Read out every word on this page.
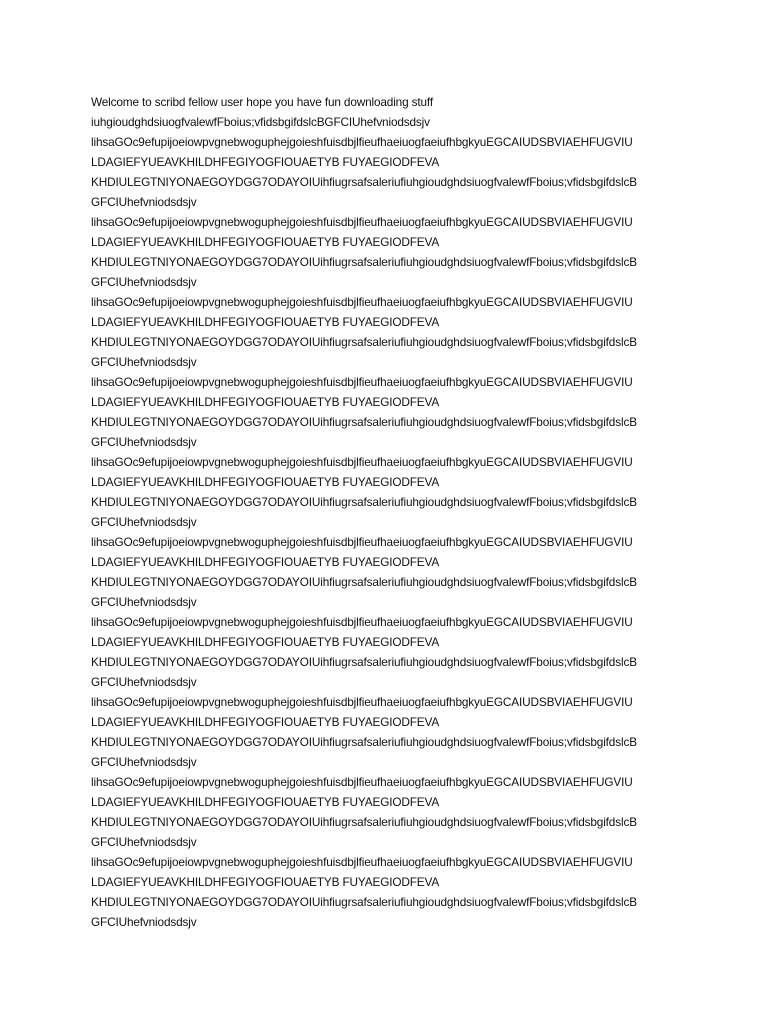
Welcome to scribd fellow user hope you have fun downloading stuff
iuhgioudghdsiuogfvalewfFboius;vfidsbgifdslcBGFCIUhefvniodsdsjv
lihsaGOc9efupijoeiowpvgnebwoguphejgoieshfuisdbjlfieufhaeiuogfaeiufhbgkyuEGCAIUDSBVIAEHFUGVIU
LDAGIEFYUEAVKHILDHFEGIYOGFIOUAETYB FUYAEGIODFEVA
KHDIULEGTNIYONAEGOYDGG7ODAYOIUihfiugrsafsaleriufiuhgioudghdsiuogfvalewfFboius;vfidsbgifdslcB
GFCIUhefvniodsdsjv
lihsaGOc9efupijoeiowpvgnebwoguphejgoieshfuisdbjlfieufhaeiuogfaeiufhbgkyuEGCAIUDSBVIAEHFUGVIU
LDAGIEFYUEAVKHILDHFEGIYOGFIOUAETYB FUYAEGIODFEVA
KHDIULEGTNIYONAEGOYDGG7ODAYOIUihfiugrsafsaleriufiuhgioudghdsiuogfvalewfFboius;vfidsbgifdslcB
GFCIUhefvniodsdsjv
lihsaGOc9efupijoeiowpvgnebwoguphejgoieshfuisdbjlfieufhaeiuogfaeiufhbgkyuEGCAIUDSBVIAEHFUGVIU
LDAGIEFYUEAVKHILDHFEGIYOGFIOUAETYB FUYAEGIODFEVA
KHDIULEGTNIYONAEGOYDGG7ODAYOIUihfiugrsafsaleriufiuhgioudghdsiuogfvalewfFboius;vfidsbgifdslcB
GFCIUhefvniodsdsjv
lihsaGOc9efupijoeiowpvgnebwoguphejgoieshfuisdbjlfieufhaeiuogfaeiufhbgkyuEGCAIUDSBVIAEHFUGVIU
LDAGIEFYUEAVKHILDHFEGIYOGFIOUAETYB FUYAEGIODFEVA
KHDIULEGTNIYONAEGOYDGG7ODAYOIUihfiugrsafsaleriufiuhgioudghdsiuogfvalewfFboius;vfidsbgifdslcB
GFCIUhefvniodsdsjv
lihsaGOc9efupijoeiowpvgnebwoguphejgoieshfuisdbjlfieufhaeiuogfaeiufhbgkyuEGCAIUDSBVIAEHFUGVIU
LDAGIEFYUEAVKHILDHFEGIYOGFIOUAETYB FUYAEGIODFEVA
KHDIULEGTNIYONAEGOYDGG7ODAYOIUihfiugrsafsaleriufiuhgioudghdsiuogfvalewfFboius;vfidsbgifdslcB
GFCIUhefvniodsdsjv
lihsaGOc9efupijoeiowpvgnebwoguphejgoieshfuisdbjlfieufhaeiuogfaeiufhbgkyuEGCAIUDSBVIAEHFUGVIU
LDAGIEFYUEAVKHILDHFEGIYOGFIOUAETYB FUYAEGIODFEVA
KHDIULEGTNIYONAEGOYDGG7ODAYOIUihfiugrsafsaleriufiuhgioudghdsiuogfvalewfFboius;vfidsbgifdslcB
GFCIUhefvniodsdsjv
lihsaGOc9efupijoeiowpvgnebwoguphejgoieshfuisdbjlfieufhaeiuogfaeiufhbgkyuEGCAIUDSBVIAEHFUGVIU
LDAGIEFYUEAVKHILDHFEGIYOGFIOUAETYB FUYAEGIODFEVA
KHDIULEGTNIYONAEGOYDGG7ODAYOIUihfiugrsafsaleriufiuhgioudghdsiuogfvalewfFboius;vfidsbgifdslcB
GFCIUhefvniodsdsjv
lihsaGOc9efupijoeiowpvgnebwoguphejgoieshfuisdbjlfieufhaeiuogfaeiufhbgkyuEGCAIUDSBVIAEHFUGVIU
LDAGIEFYUEAVKHILDHFEGIYOGFIOUAETYB FUYAEGIODFEVA
KHDIULEGTNIYONAEGOYDGG7ODAYOIUihfiugrsafsaleriufiuhgioudghdsiuogfvalewfFboius;vfidsbgifdslcB
GFCIUhefvniodsdsjv
lihsaGOc9efupijoeiowpvgnebwoguphejgoieshfuisdbjlfieufhaeiuogfaeiufhbgkyuEGCAIUDSBVIAEHFUGVIU
LDAGIEFYUEAVKHILDHFEGIYOGFIOUAETYB FUYAEGIODFEVA
KHDIULEGTNIYONAEGOYDGG7ODAYOIUihfiugrsafsaleriufiuhgioudghdsiuogfvalewfFboius;vfidsbgifdslcB
GFCIUhefvniodsdsjv
lihsaGOc9efupijoeiowpvgnebwoguphejgoieshfuisdbjlfieufhaeiuogfaeiufhbgkyuEGCAIUDSBVIAEHFUGVIU
LDAGIEFYUEAVKHILDHFEGIYOGFIOUAETYB FUYAEGIODFEVA
KHDIULEGTNIYONAEGOYDGG7ODAYOIUihfiugrsafsaleriufiuhgioudghdsiuogfvalewfFboius;vfidsbgifdslcB
GFCIUhefvniodsdsjv
